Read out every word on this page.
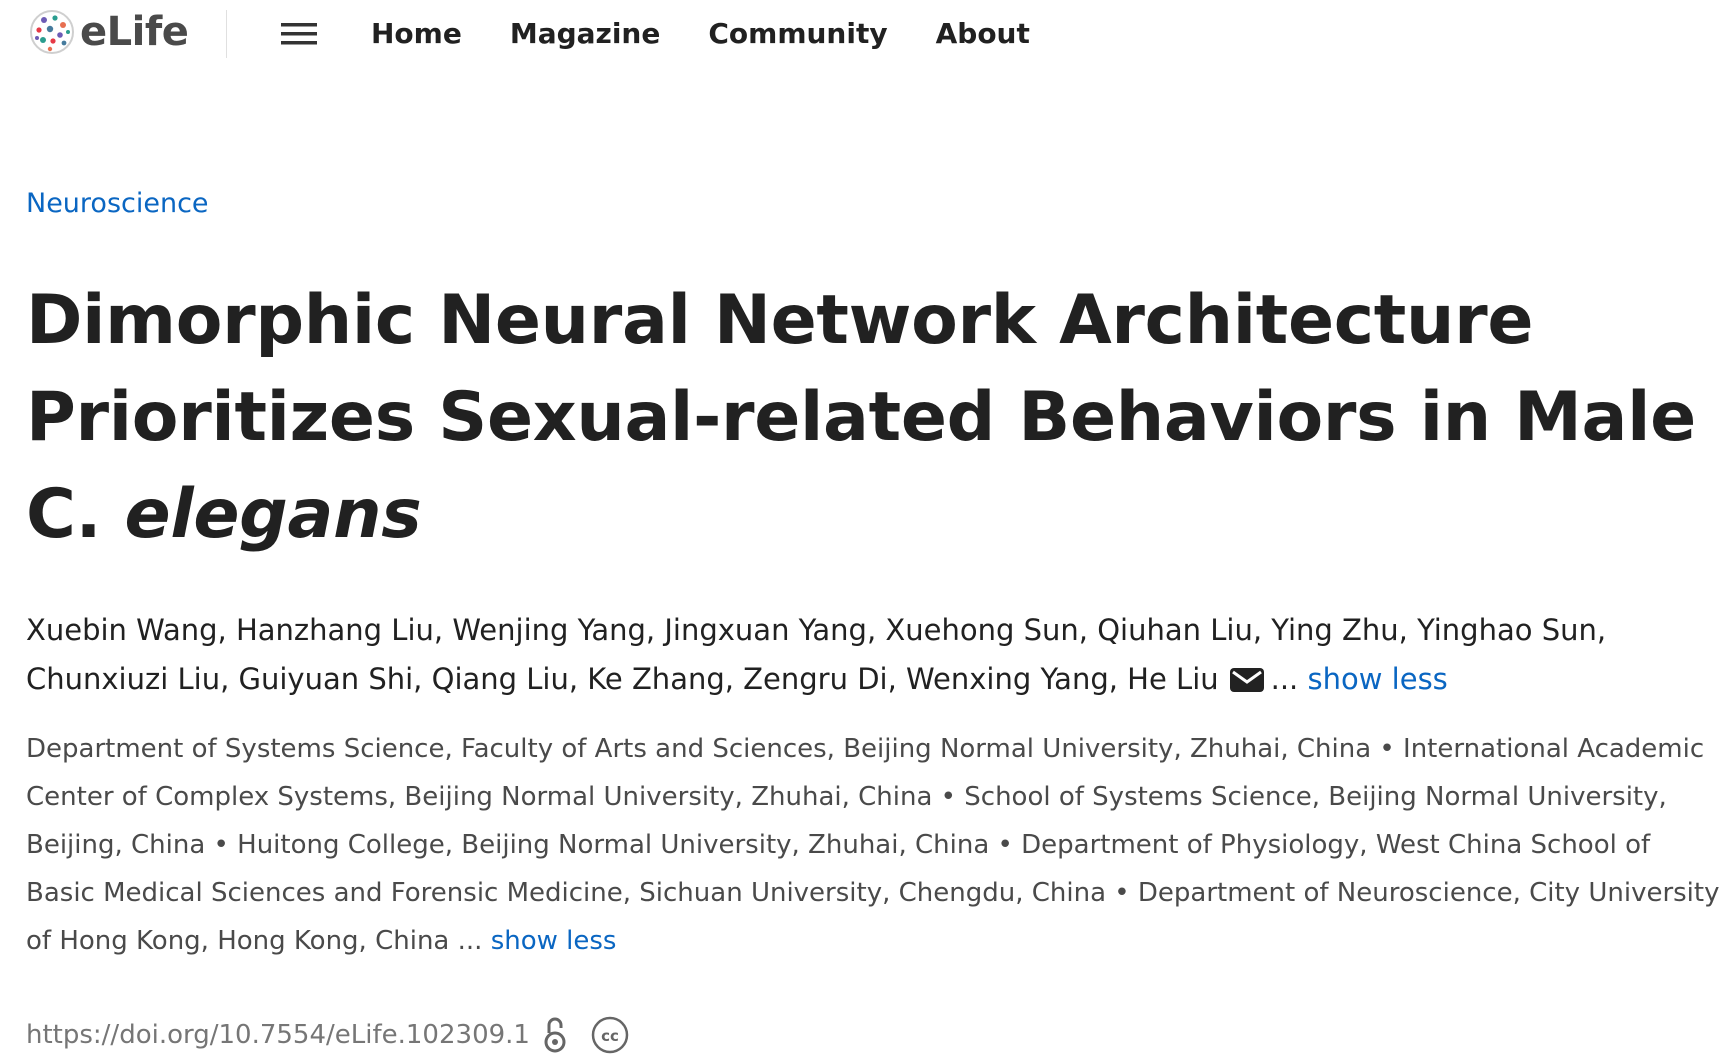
eLife	Home Magazine Community About
Neuroscience
Dimorphic Neural Network Architecture Prioritizes Sexual-related Behaviors in Male C. elegans
Xuebin Wang, Hanzhang Liu, Wenjing Yang, Jingxuan Yang, Xuehong Sun, Qiuhan Liu, Ying Zhu, Yinghao Sun, Chunxiuzi Liu, Guiyuan Shi, Qiang Liu, Ke Zhang, Zengru Di, Wenxing Yang, He Liu ... show less
Department of Systems Science, Faculty of Arts and Sciences, Beijing Normal University, Zhuhai, China • International Academic Center of Complex Systems, Beijing Normal University, Zhuhai, China • School of Systems Science, Beijing Normal University, Beijing, China • Huitong College, Beijing Normal University, Zhuhai, China • Department of Physiology, West China School of Basic Medical Sciences and Forensic Medicine, Sichuan University, Chengdu, China • Department of Neuroscience, City University of Hong Kong, Hong Kong, China ... show less
https://doi.org/10.7554/eLife.102309.1	cc
